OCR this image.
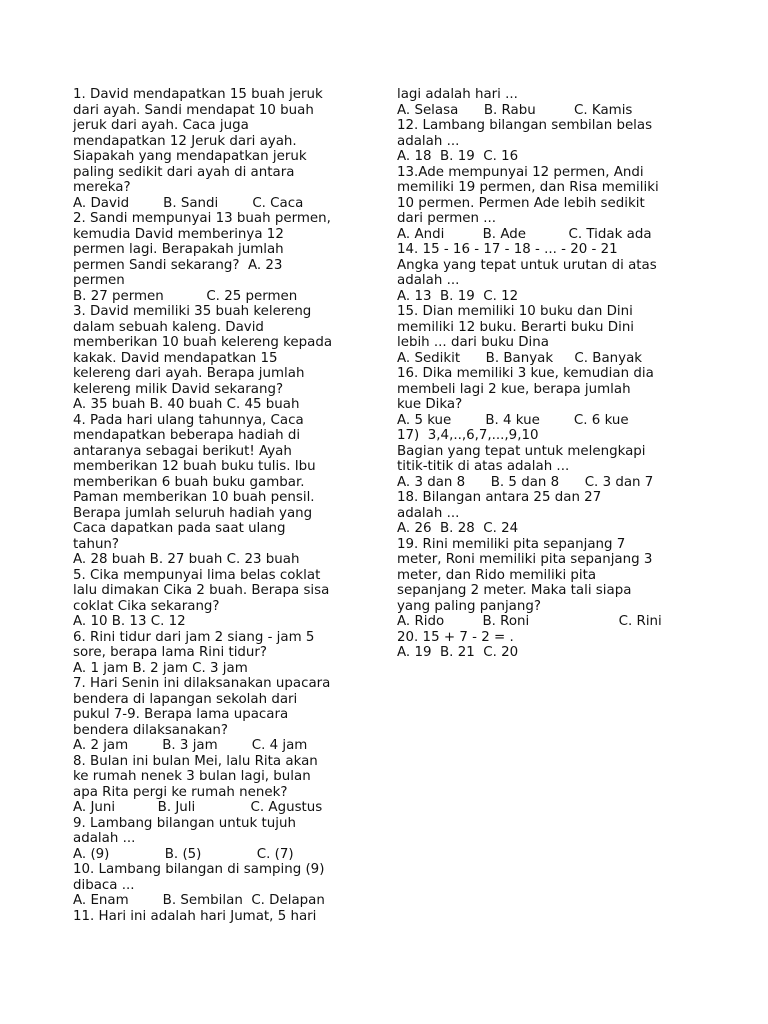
1. David mendapatkan 15 buah jeruk
dari ayah. Sandi mendapat 10 buah
jeruk dari ayah. Caca juga
mendapatkan 12 Jeruk dari ayah.
Siapakah yang mendapatkan jeruk
paling sedikit dari ayah di antara
mereka?
A. David        B. Sandi        C. Caca
2. Sandi mempunyai 13 buah permen,
kemudia David memberinya 12
permen lagi. Berapakah jumlah
permen Sandi sekarang?  A. 23
permen
B. 27 permen          C. 25 permen
3. David memiliki 35 buah kelereng
dalam sebuah kaleng. David
memberikan 10 buah kelereng kepada
kakak. David mendapatkan 15
kelereng dari ayah. Berapa jumlah
kelereng milik David sekarang?
A. 35 buah B. 40 buah C. 45 buah
4. Pada hari ulang tahunnya, Caca
mendapatkan beberapa hadiah di
antaranya sebagai berikut! Ayah
memberikan 12 buah buku tulis. Ibu
memberikan 6 buah buku gambar.
Paman memberikan 10 buah pensil.
Berapa jumlah seluruh hadiah yang
Caca dapatkan pada saat ulang
tahun?
A. 28 buah B. 27 buah C. 23 buah
5. Cika mempunyai lima belas coklat
lalu dimakan Cika 2 buah. Berapa sisa
coklat Cika sekarang?
A. 10 B. 13 C. 12
6. Rini tidur dari jam 2 siang - jam 5
sore, berapa lama Rini tidur?
A. 1 jam B. 2 jam C. 3 jam
7. Hari Senin ini dilaksanakan upacara
bendera di lapangan sekolah dari
pukul 7-9. Berapa lama upacara
bendera dilaksanakan?
A. 2 jam        B. 3 jam        C. 4 jam
8. Bulan ini bulan Mei, lalu Rita akan
ke rumah nenek 3 bulan lagi, bulan
apa Rita pergi ke rumah nenek?
A. Juni          B. Juli             C. Agustus
9. Lambang bilangan untuk tujuh
adalah ...
A. (9)             B. (5)             C. (7)
10. Lambang bilangan di samping (9)
dibaca ...
A. Enam        B. Sembilan  C. Delapan
11. Hari ini adalah hari Jumat, 5 hari
lagi adalah hari ...
A. Selasa      B. Rabu         C. Kamis
12. Lambang bilangan sembilan belas
adalah ...
A. 18  B. 19  C. 16
13.Ade mempunyai 12 permen, Andi
memiliki 19 permen, dan Risa memiliki
10 permen. Permen Ade lebih sedikit
dari permen ...
A. Andi         B. Ade          C. Tidak ada
14. 15 - 16 - 17 - 18 - ... - 20 - 21
Angka yang tepat untuk urutan di atas
adalah ...
A. 13  B. 19  C. 12
15. Dian memiliki 10 buku dan Dini
memiliki 12 buku. Berarti buku Dini
lebih ... dari buku Dina
A. Sedikit      B. Banyak     C. Banyak
16. Dika memiliki 3 kue, kemudian dia
membeli lagi 2 kue, berapa jumlah
kue Dika?
A. 5 kue        B. 4 kue        C. 6 kue
17)  3,4,..,6,7,...,9,10
Bagian yang tepat untuk melengkapi
titik-titik di atas adalah ...
A. 3 dan 8      B. 5 dan 8      C. 3 dan 7
18. Bilangan antara 25 dan 27
adalah ...
A. 26  B. 28  C. 24
19. Rini memiliki pita sepanjang 7
meter, Roni memiliki pita sepanjang 3
meter, dan Rido memiliki pita
sepanjang 2 meter. Maka tali siapa
yang paling panjang?
A. Rido         B. Roni                     C. Rini
20. 15 + 7 - 2 = .
A. 19  B. 21  C. 20
